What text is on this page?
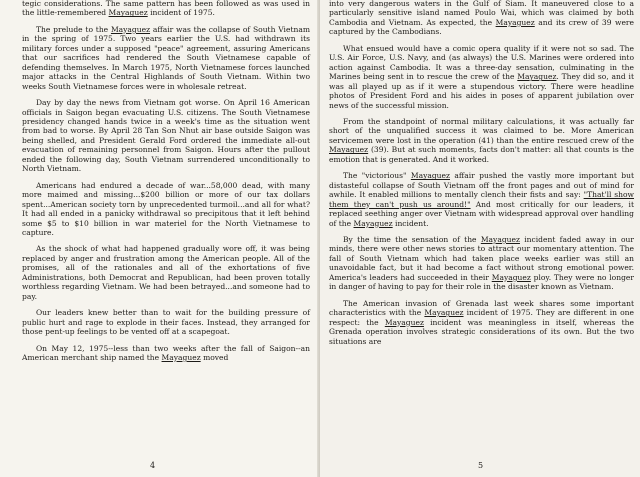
tegic considerations. The same pattern has been followed as was used in the little-remembered Mayaguez incident of 1975.

The prelude to the Mayaguez affair was the collapse of South Vietnam in the spring of 1975. Two years earlier the U.S. had withdrawn its military forces under a supposed "peace" agreement, assuring Americans that our sacrifices had rendered the South Vietnamese capable of defending themselves. In March 1975, North Vietnamese forces launched major attacks in the Central Highlands of South Vietnam. Within two weeks South Vietnamese forces were in wholesale retreat.

Day by day the news from Vietnam got worse. On April 16 American officials in Saigon began evacuating U.S. citizens. The South Vietnamese presidency changed hands twice in a week's time as the situation went from bad to worse. By April 28 Tan Son Nhut air base outside Saigon was being shelled, and President Gerald Ford ordered the immediate all-out evacuation of remaining personnel from Saigon. Hours after the pullout ended the following day, South Vietnam surrendered unconditionally to North Vietnam.

Americans had endured a decade of war...58,000 dead, with many more maimed and missing...$200 billion or more of our tax dollars spent...American society torn by unprecedented turmoil...and all for what? It had all ended in a panicky withdrawal so precipitous that it left behind some $5 to $10 billion in war materiel for the North Vietnamese to capture.

As the shock of what had happened gradually wore off, it was being replaced by anger and frustration among the American people. All of the promises, all of the rationales and all of the exhortations of five Administrations, both Democrat and Republican, had been proven totally worthless regarding Vietnam. We had been betrayed...and someone had to pay.

Our leaders knew better than to wait for the building pressure of public hurt and rage to explode in their faces. Instead, they arranged for those pent-up feelings to be vented off at a scapegoat.

On May 12, 1975--less than two weeks after the fall of Saigon--an American merchant ship named the Mayaguez moved

4

into very dangerous waters in the Gulf of Siam. It maneuvered close to a particularly sensitive island named Poulo Wai, which was claimed by both Cambodia and Vietnam. As expected, the Mayaguez and its crew of 39 were captured by the Cambodians.

What ensued would have a comic opera quality if it were not so sad. The U.S. Air Force, U.S. Navy, and (as always) the U.S. Marines were ordered into action against Cambodia. It was a three-day sensation, culminating in the Marines being sent in to rescue the crew of the Mayaguez. They did so, and it was all played up as if it were a stupendous victory. There were headline photos of President Ford and his aides in poses of apparent jubilation over news of the successful mission.

From the standpoint of normal military calculations, it was actually far short of the unqualified success it was claimed to be. More American servicemen were lost in the operation (41) than the entire rescued crew of the Mayaguez (39). But at such moments, facts don't matter: all that counts is the emotion that is generated. And it worked.

The "victorious" Mayaguez affair pushed the vastly more important but distasteful collapse of South Vietnam off the front pages and out of mind for awhile. It enabled millions to mentally clench their fists and say: "That'll show them they can't push us around!" And most critically for our leaders, it replaced seething anger over Vietnam with widespread approval over handling of the Mayaguez incident.

By the time the sensation of the Mayaguez incident faded away in our minds, there were other news stories to attract our momentary attention. The fall of South Vietnam which had taken place weeks earlier was still an unavoidable fact, but it had become a fact without strong emotional power. America's leaders had succeeded in their Mayaguez ploy. They were no longer in danger of having to pay for their role in the disaster known as Vietnam.

The American invasion of Grenada last week shares some important characteristics with the Mayaguez incident of 1975. They are different in one respect: the Mayaguez incident was meaningless in itself, whereas the Grenada operation involves strategic considerations of its own. But the two situations are

5
